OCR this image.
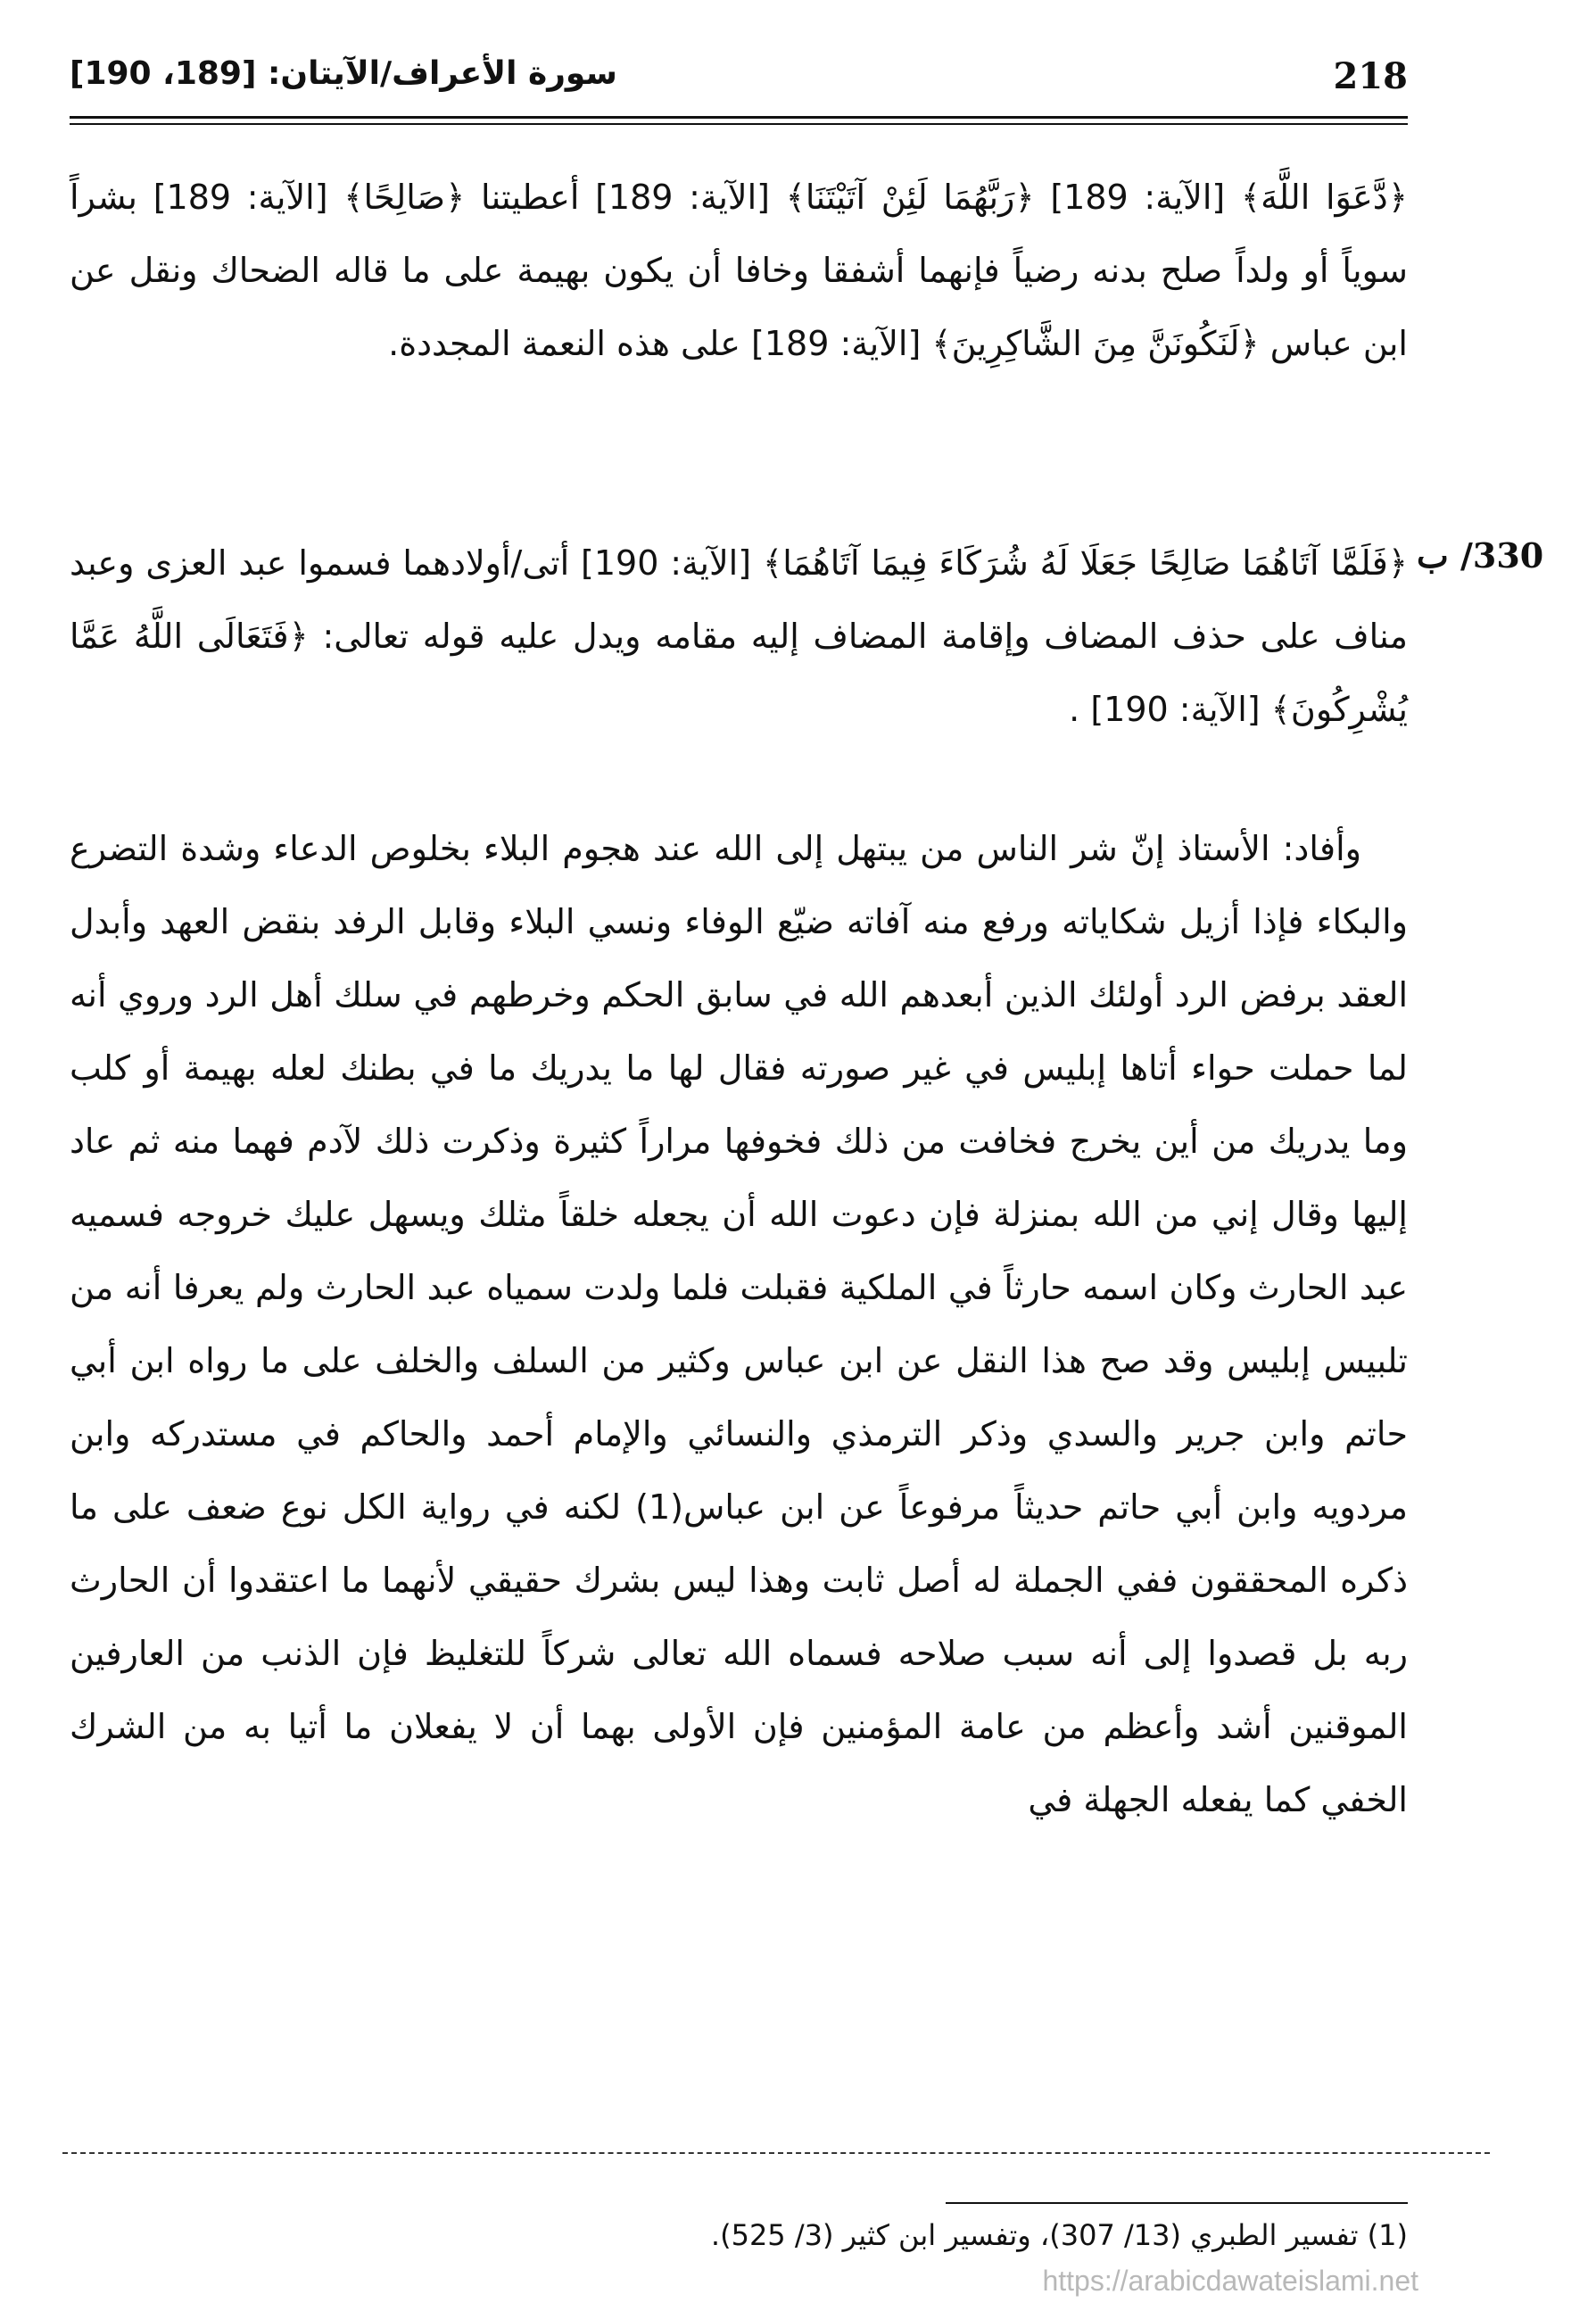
218
سورة الأعراف/الآيتان: [189، 190]

﴿دَّعَوَا اللَّهَ﴾ [الآية: 189] ﴿رَبَّهُمَا لَئِنْ آتَيْتَنَا﴾ [الآية: 189] أعطيتنا ﴿صَالِحًا﴾ [الآية: 189] بشراً سوياً أو ولداً صلح بدنه رضياً فإنهما أشفقا وخافا أن يكون بهيمة على ما قاله الضحاك ونقل عن ابن عباس ﴿لَنَكُونَنَّ مِنَ الشَّاكِرِينَ﴾ [الآية: 189] على هذه النعمة المجددة.

330/ ب

﴿فَلَمَّا آتَاهُمَا صَالِحًا جَعَلَا لَهُ شُرَكَاءَ فِيمَا آتَاهُمَا﴾ [الآية: 190] أتى/أولادهما فسموا عبد العزى وعبد مناف على حذف المضاف وإقامة المضاف إليه مقامه ويدل عليه قوله تعالى: ﴿فَتَعَالَى اللَّهُ عَمَّا يُشْرِكُونَ﴾ [الآية: 190] .

وأفاد: الأستاذ إنّ شر الناس من يبتهل إلى الله عند هجوم البلاء بخلوص الدعاء وشدة التضرع والبكاء فإذا أزيل شكاياته ورفع منه آفاته ضيّع الوفاء ونسي البلاء وقابل الرفد بنقض العهد وأبدل العقد برفض الرد أولئك الذين أبعدهم الله في سابق الحكم وخرطهم في سلك أهل الرد وروي أنه لما حملت حواء أتاها إبليس في غير صورته فقال لها ما يدريك ما في بطنك لعله بهيمة أو كلب وما يدريك من أين يخرج فخافت من ذلك فخوفها مراراً كثيرة وذكرت ذلك لآدم فهما منه ثم عاد إليها وقال إني من الله بمنزلة فإن دعوت الله أن يجعله خلقاً مثلك ويسهل عليك خروجه فسميه عبد الحارث وكان اسمه حارثاً في الملكية فقبلت فلما ولدت سمياه عبد الحارث ولم يعرفا أنه من تلبيس إبليس وقد صح هذا النقل عن ابن عباس وكثير من السلف والخلف على ما رواه ابن أبي حاتم وابن جرير والسدي وذكر الترمذي والنسائي والإمام أحمد والحاكم في مستدركه وابن مردويه وابن أبي حاتم حديثاً مرفوعاً عن ابن عباس(1) لكنه في رواية الكل نوع ضعف على ما ذكره المحققون ففي الجملة له أصل ثابت وهذا ليس بشرك حقيقي لأنهما ما اعتقدوا أن الحارث ربه بل قصدوا إلى أنه سبب صلاحه فسماه الله تعالى شركاً للتغليظ فإن الذنب من العارفين الموقنين أشد وأعظم من عامة المؤمنين فإن الأولى بهما أن لا يفعلان ما أتيا به من الشرك الخفي كما يفعله الجهلة في

(1) تفسير الطبري (13/ 307)، وتفسير ابن كثير (3/ 525).
https://arabicdawateislami.net
